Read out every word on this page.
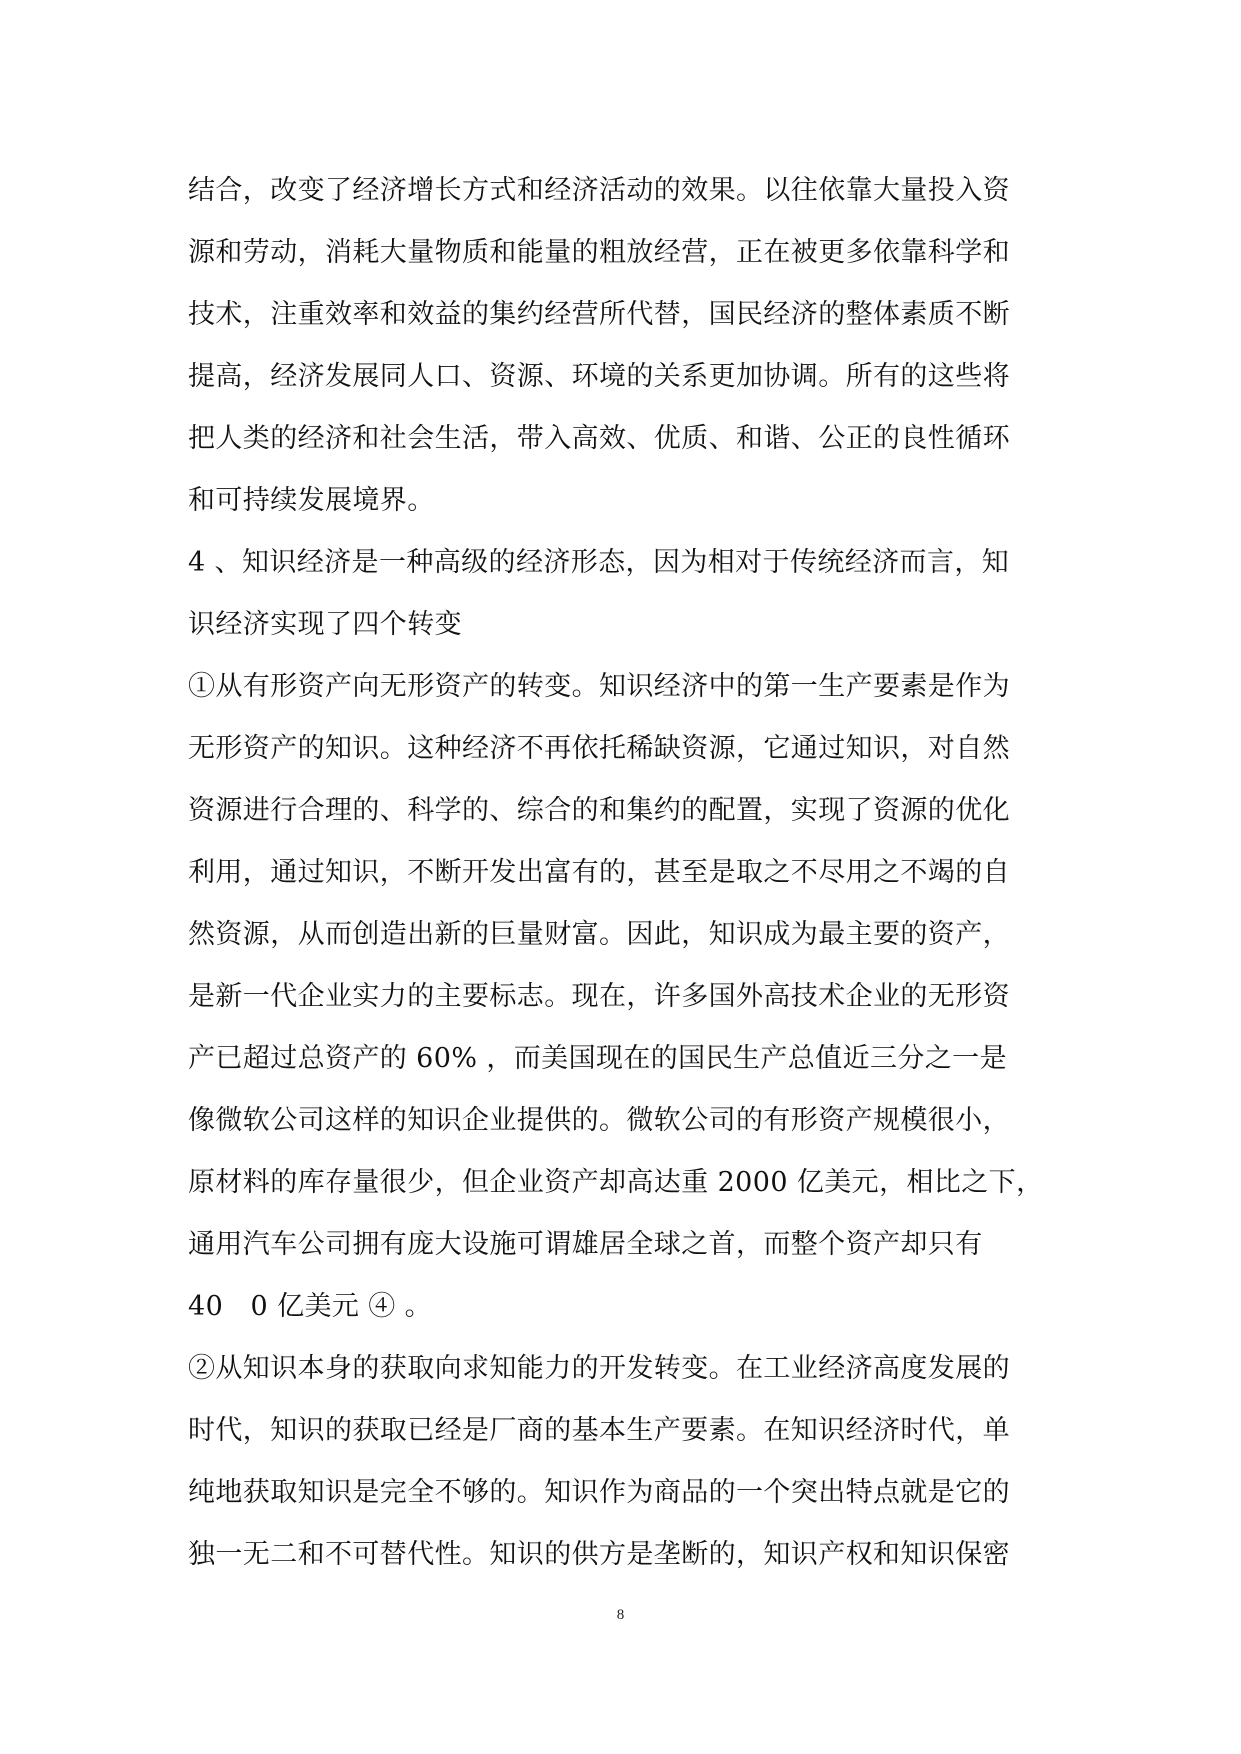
结合，改变了经济增长方式和经济活动的效果。以往依靠大量投入资
源和劳动，消耗大量物质和能量的粗放经营，正在被更多依靠科学和
技术，注重效率和效益的集约经营所代替，国民经济的整体素质不断
提高，经济发展同人口、资源、环境的关系更加协调。所有的这些将
把人类的经济和社会生活，带入高效、优质、和谐、公正的良性循环
和可持续发展境界。
4 、知识经济是一种高级的经济形态，因为相对于传统经济而言，知
识经济实现了四个转变
①从有形资产向无形资产的转变。知识经济中的第一生产要素是作为
无形资产的知识。这种经济不再依托稀缺资源，它通过知识，对自然
资源进行合理的、科学的、综合的和集约的配置，实现了资源的优化
利用，通过知识，不断开发出富有的，甚至是取之不尽用之不竭的自
然资源，从而创造出新的巨量财富。因此，知识成为最主要的资产，
是新一代企业实力的主要标志。现在，许多国外高技术企业的无形资
产已超过总资产的 60% ，而美国现在的国民生产总值近三分之一是
像微软公司这样的知识企业提供的。微软公司的有形资产规模很小，
原材料的库存量很少，但企业资产却高达重 2000 亿美元，相比之下，
通用汽车公司拥有庞大设施可谓雄居全球之首，而整个资产却只有
40　0 亿美元 ④ 。
②从知识本身的获取向求知能力的开发转变。在工业经济高度发展的
时代，知识的获取已经是厂商的基本生产要素。在知识经济时代，单
纯地获取知识是完全不够的。知识作为商品的一个突出特点就是它的
独一无二和不可替代性。知识的供方是垄断的，知识产权和知识保密
8
